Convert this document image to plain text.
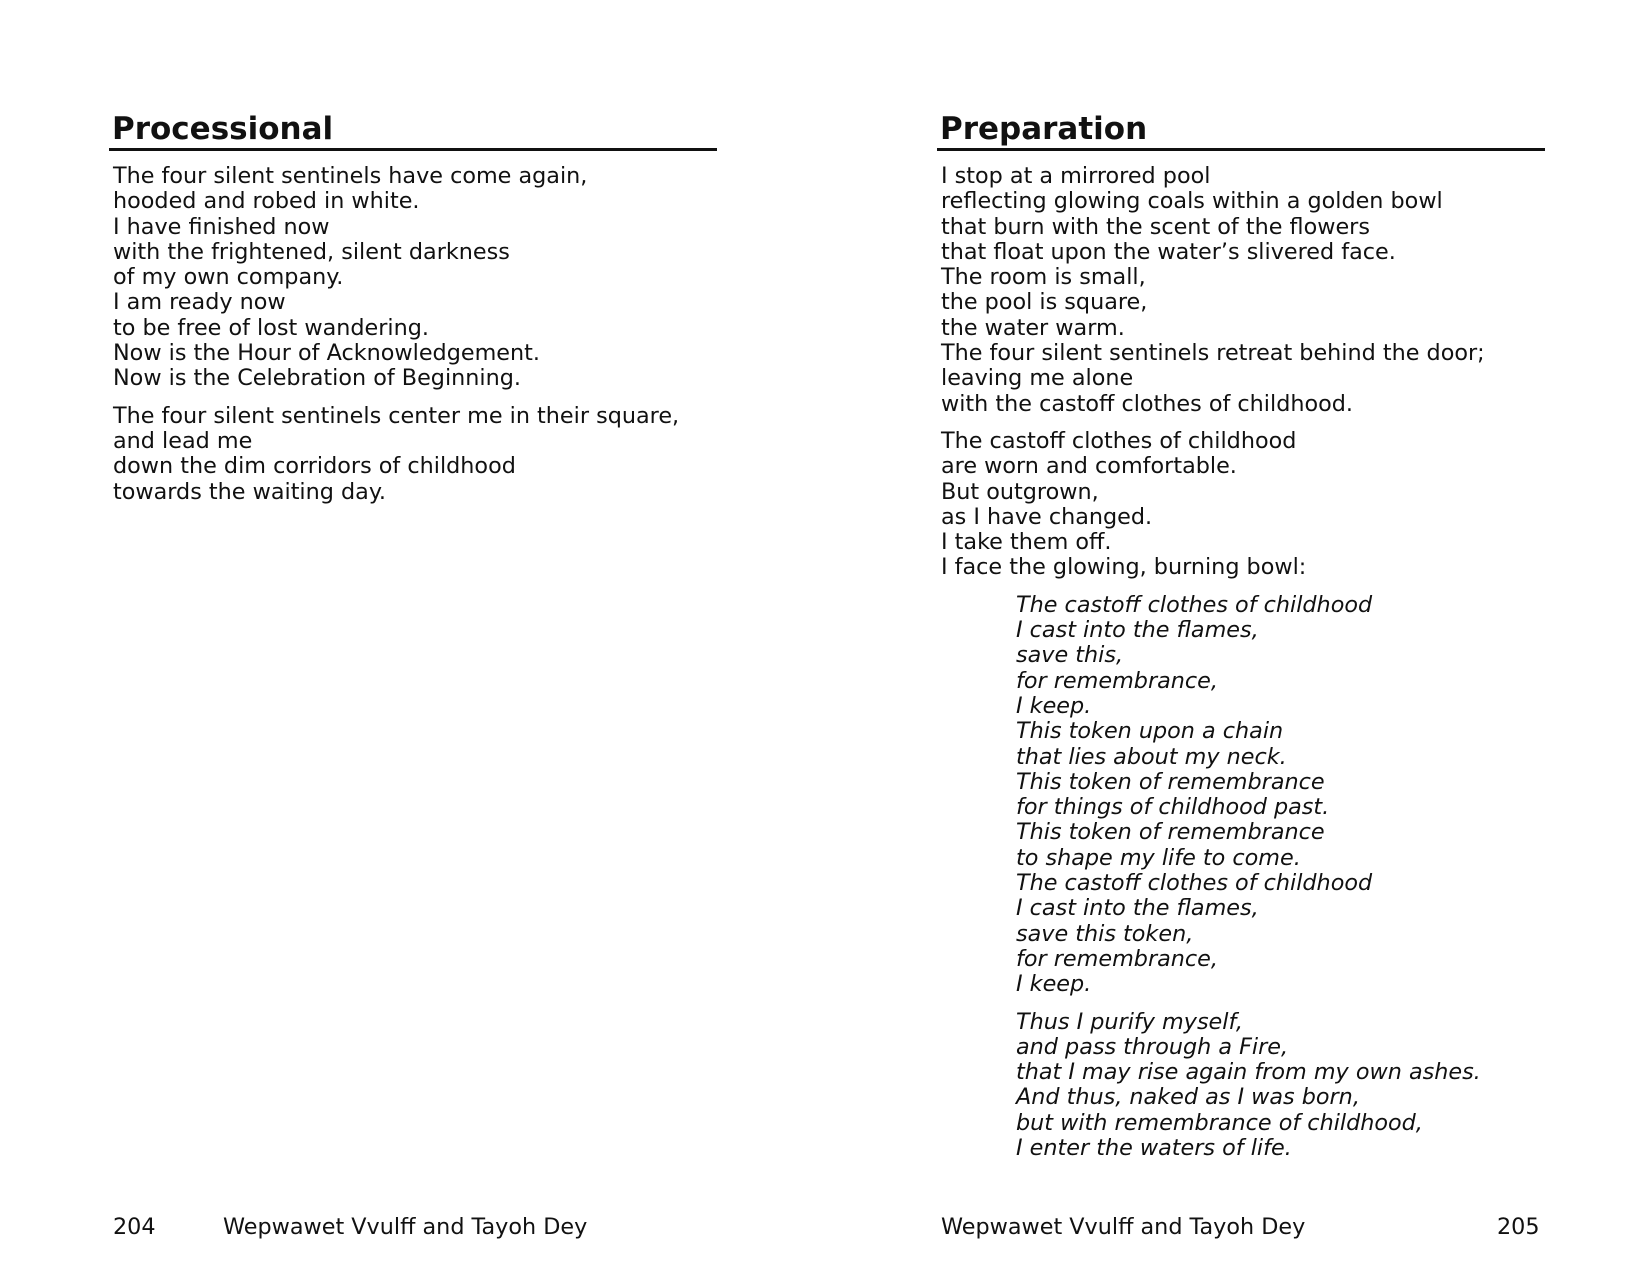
Processional
The four silent sentinels have come again,
hooded and robed in white.
I have finished now
with the frightened, silent darkness
of my own company.
I am ready now
to be free of lost wandering.
Now is the Hour of Acknowledgement.
Now is the Celebration of Beginning.
The four silent sentinels center me in their square,
and lead me
down the dim corridors of childhood
towards the waiting day.
204	Wepwawet Vvulff and Tayoh Dey
Preparation
I stop at a mirrored pool
reflecting glowing coals within a golden bowl
that burn with the scent of the flowers
that float upon the water’s slivered face.
The room is small,
the pool is square,
the water warm.
The four silent sentinels retreat behind the door;
leaving me alone
with the castoff clothes of childhood.
The castoff clothes of childhood
are worn and comfortable.
But outgrown,
as I have changed.
I take them off.
I face the glowing, burning bowl:
The castoff clothes of childhood
I cast into the flames,
save this,
for remembrance,
I keep.
This token upon a chain
that lies about my neck.
This token of remembrance
for things of childhood past.
This token of remembrance
to shape my life to come.
The castoff clothes of childhood
I cast into the flames,
save this token,
for remembrance,
I keep.
Thus I purify myself,
and pass through a Fire,
that I may rise again from my own ashes.
And thus, naked as I was born,
but with remembrance of childhood,
I enter the waters of life.
Wepwawet Vvulff and Tayoh Dey	205
